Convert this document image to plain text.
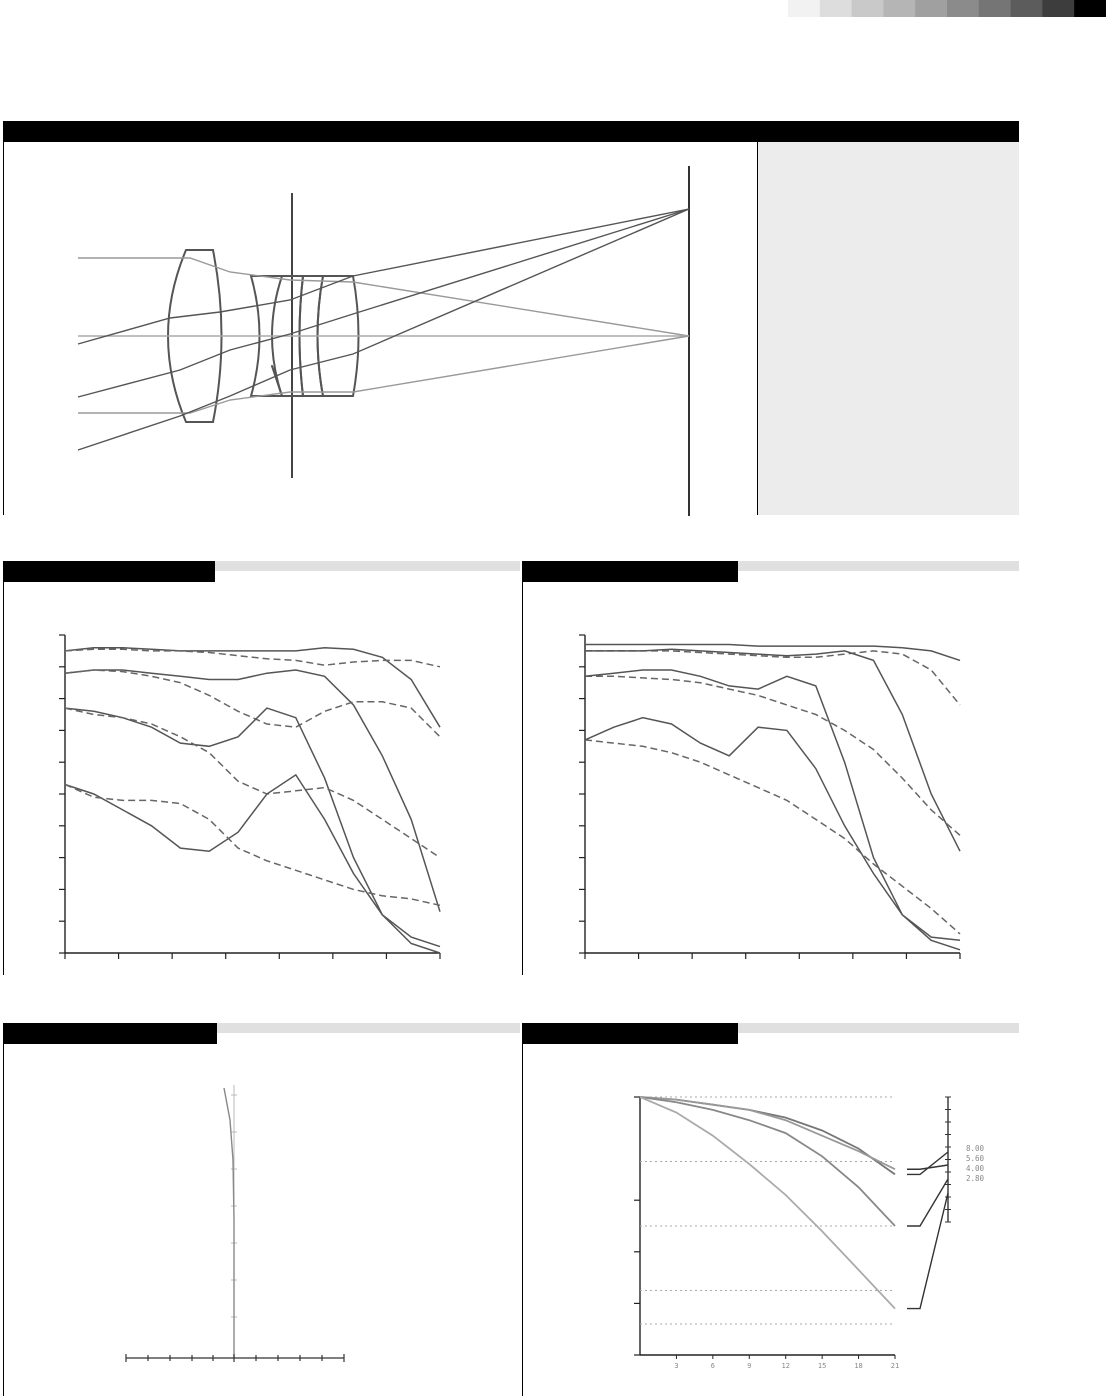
3	6	9	12	15	18	21
8.00
5.60
4.00
2.80
